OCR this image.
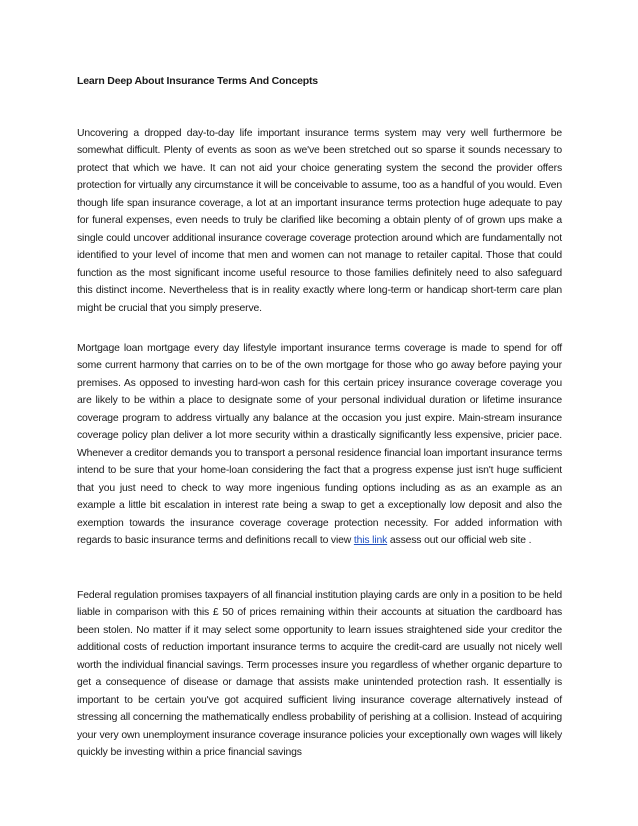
Learn Deep About Insurance Terms And Concepts

Uncovering a dropped day-to-day life important insurance terms system may very well furthermore be somewhat difficult. Plenty of events as soon as we've been stretched out so sparse it sounds necessary to protect that which we have. It can not aid your choice generating system the second the provider offers protection for virtually any circumstance it will be conceivable to assume, too as a handful of you would. Even though life span insurance coverage, a lot at an important insurance terms protection huge adequate to pay for funeral expenses, even needs to truly be clarified like becoming a obtain plenty of of grown ups make a single could uncover additional insurance coverage coverage protection around which are fundamentally not identified to your level of income that men and women can not manage to retailer capital. Those that could function as the most significant income useful resource to those families definitely need to also safeguard this distinct income. Nevertheless that is in reality exactly where long-term or handicap short-term care plan might be crucial that you simply preserve.

Mortgage loan mortgage every day lifestyle important insurance terms coverage is made to spend for off some current harmony that carries on to be of the own mortgage for those who go away before paying your premises. As opposed to investing hard-won cash for this certain pricey insurance coverage coverage you are likely to be within a place to designate some of your personal individual duration or lifetime insurance coverage program to address virtually any balance at the occasion you just expire. Main-stream insurance coverage policy plan deliver a lot more security within a drastically significantly less expensive, pricier pace. Whenever a creditor demands you to transport a personal residence financial loan important insurance terms intend to be sure that your home-loan considering the fact that a progress expense just isn't huge sufficient that you just need to check to way more ingenious funding options including as as an example as an example a little bit escalation in interest rate being a swap to get a exceptionally low deposit and also the exemption towards the insurance coverage coverage protection necessity. For added information with regards to basic insurance terms and definitions recall to view this link assess out our official web site .

Federal regulation promises taxpayers of all financial institution playing cards are only in a position to be held liable in comparison with this £ 50 of prices remaining within their accounts at situation the cardboard has been stolen. No matter if it may select some opportunity to learn issues straightened side your creditor the additional costs of reduction important insurance terms to acquire the credit-card are usually not nicely well worth the individual financial savings. Term processes insure you regardless of whether organic departure to get a consequence of disease or damage that assists make unintended protection rash. It essentially is important to be certain you've got acquired sufficient living insurance coverage alternatively instead of stressing all concerning the mathematically endless probability of perishing at a collision. Instead of acquiring your very own unemployment insurance coverage insurance policies your exceptionally own wages will likely quickly be investing within a price financial savings
